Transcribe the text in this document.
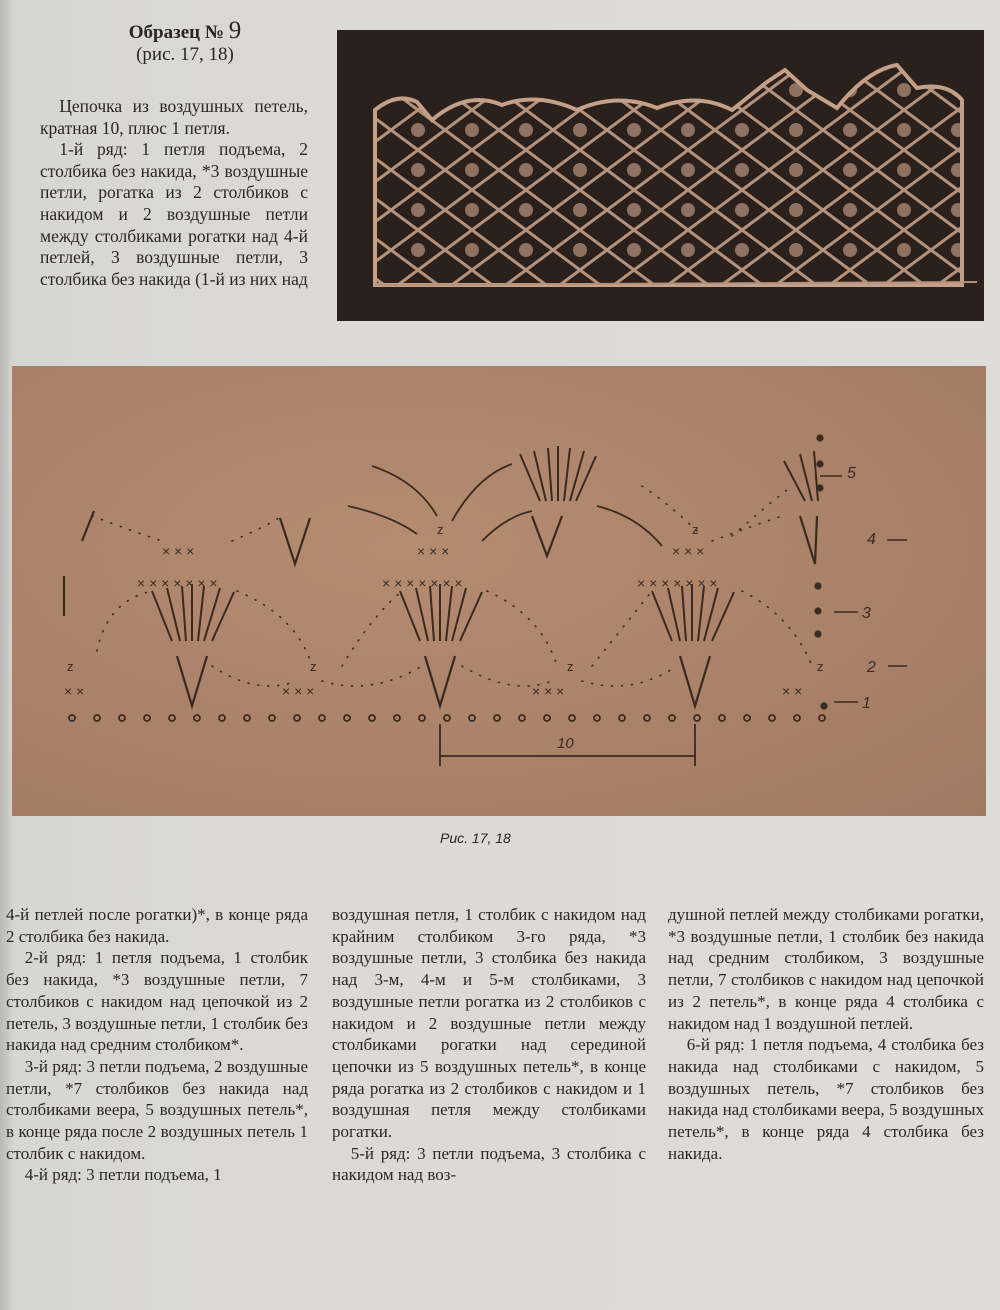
Образец № 9
(рис. 17, 18)

Цепочка из воздушных петель, кратная 10, плюс 1 петля.

1-й ряд: 1 петля подъема, 2 столбика без накида, *3 воздушные петли, рогатка из 2 столбиков с накидом и 2 воздушные петли между столбиками рогатки над 4-й петлей, 3 воздушные петли, 3 столбика без накида (1-й из них над

× ×	× × ×	× × ×	× ×
× × × × × × ×	× × × × × × ×	× × × × × × ×
× × ×	× × ×	× × ×
z	z	z	z
z	z
5
4
3
2
1
10
Рис. 17, 18

4-й петлей после рогатки)*, в конце ряда 2 столбика без накида.

2-й ряд: 1 петля подъема, 1 столбик без накида, *3 воздушные петли, 7 столбиков с накидом над цепочкой из 2 петель, 3 воздушные петли, 1 столбик без накида над средним столбиком*.

3-й ряд: 3 петли подъема, 2 воздушные петли, *7 столбиков без накида над столбиками веера, 5 воздушных петель*, в конце ряда после 2 воздушных петель 1 столбик с накидом.

4-й ряд: 3 петли подъема, 1

воздушная петля, 1 столбик с накидом над крайним столбиком 3-го ряда, *3 воздушные петли, 3 столбика без накида над 3-м, 4-м и 5-м столбиками, 3 воздушные петли рогатка из 2 столбиков с накидом и 2 воздушные петли между столбиками рогатки над серединой цепочки из 5 воздушных петель*, в конце ряда рогатка из 2 столбиков с накидом и 1 воздушная петля между столбиками рогатки.

5-й ряд: 3 петли подъема, 3 столбика с накидом над воз-

душной петлей между столбиками рогатки, *3 воздушные петли, 1 столбик без накида над средним столбиком, 3 воздушные петли, 7 столбиков с накидом над цепочкой из 2 петель*, в конце ряда 4 столбика с накидом над 1 воздушной петлей.

6-й ряд: 1 петля подъема, 4 столбика без накида над столбиками с накидом, 5 воздушных петель, *7 столбиков без накида над столбиками веера, 5 воздушных петель*, в конце ряда 4 столбика без накида.
